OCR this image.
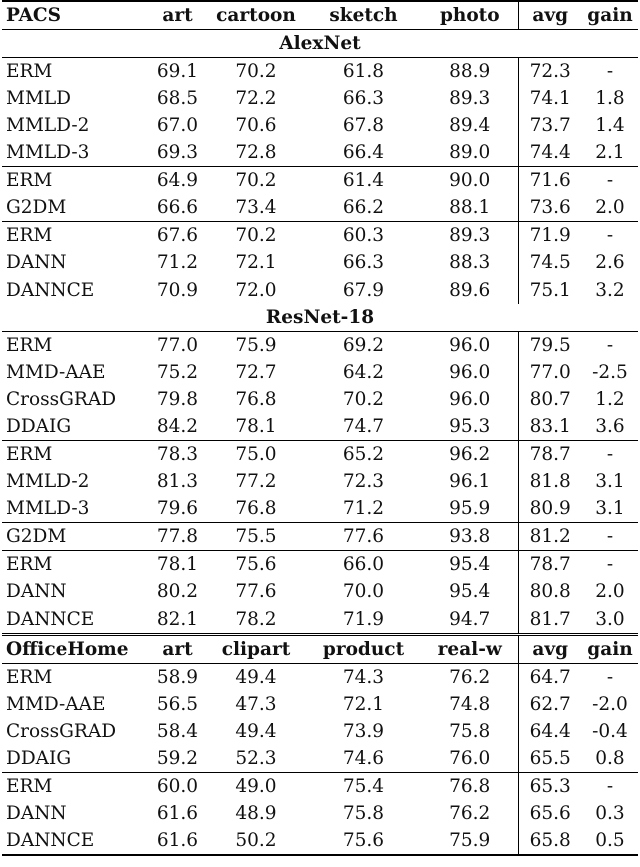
PACS	art	cartoon	sketch	photo	avg	gain
AlexNet						
ERM	69.1	70.2	61.8	88.9	72.3	-
MMLD	68.5	72.2	66.3	89.3	74.1	1.8
MMLD-2	67.0	70.6	67.8	89.4	73.7	1.4
MMLD-3	69.3	72.8	66.4	89.0	74.4	2.1
ERM	64.9	70.2	61.4	90.0	71.6	-
G2DM	66.6	73.4	66.2	88.1	73.6	2.0
ERM	67.6	70.2	60.3	89.3	71.9	-
DANN	71.2	72.1	66.3	88.3	74.5	2.6
DANNCE	70.9	72.0	67.9	89.6	75.1	3.2
ResNet-18						
ERM	77.0	75.9	69.2	96.0	79.5	-
MMD-AAE	75.2	72.7	64.2	96.0	77.0	-2.5
CrossGRAD	79.8	76.8	70.2	96.0	80.7	1.2
DDAIG	84.2	78.1	74.7	95.3	83.1	3.6
ERM	78.3	75.0	65.2	96.2	78.7	-
MMLD-2	81.3	77.2	72.3	96.1	81.8	3.1
MMLD-3	79.6	76.8	71.2	95.9	80.9	3.1
G2DM	77.8	75.5	77.6	93.8	81.2	-
ERM	78.1	75.6	66.0	95.4	78.7	-
DANN	80.2	77.6	70.0	95.4	80.8	2.0
DANNCE	82.1	78.2	71.9	94.7	81.7	3.0
OfficeHome	art	clipart	product	real-w	avg	gain
ERM	58.9	49.4	74.3	76.2	64.7	-
MMD-AAE	56.5	47.3	72.1	74.8	62.7	-2.0
CrossGRAD	58.4	49.4	73.9	75.8	64.4	-0.4
DDAIG	59.2	52.3	74.6	76.0	65.5	0.8
ERM	60.0	49.0	75.4	76.8	65.3	-
DANN	61.6	48.9	75.8	76.2	65.6	0.3
DANNCE	61.6	50.2	75.6	75.9	65.8	0.5
